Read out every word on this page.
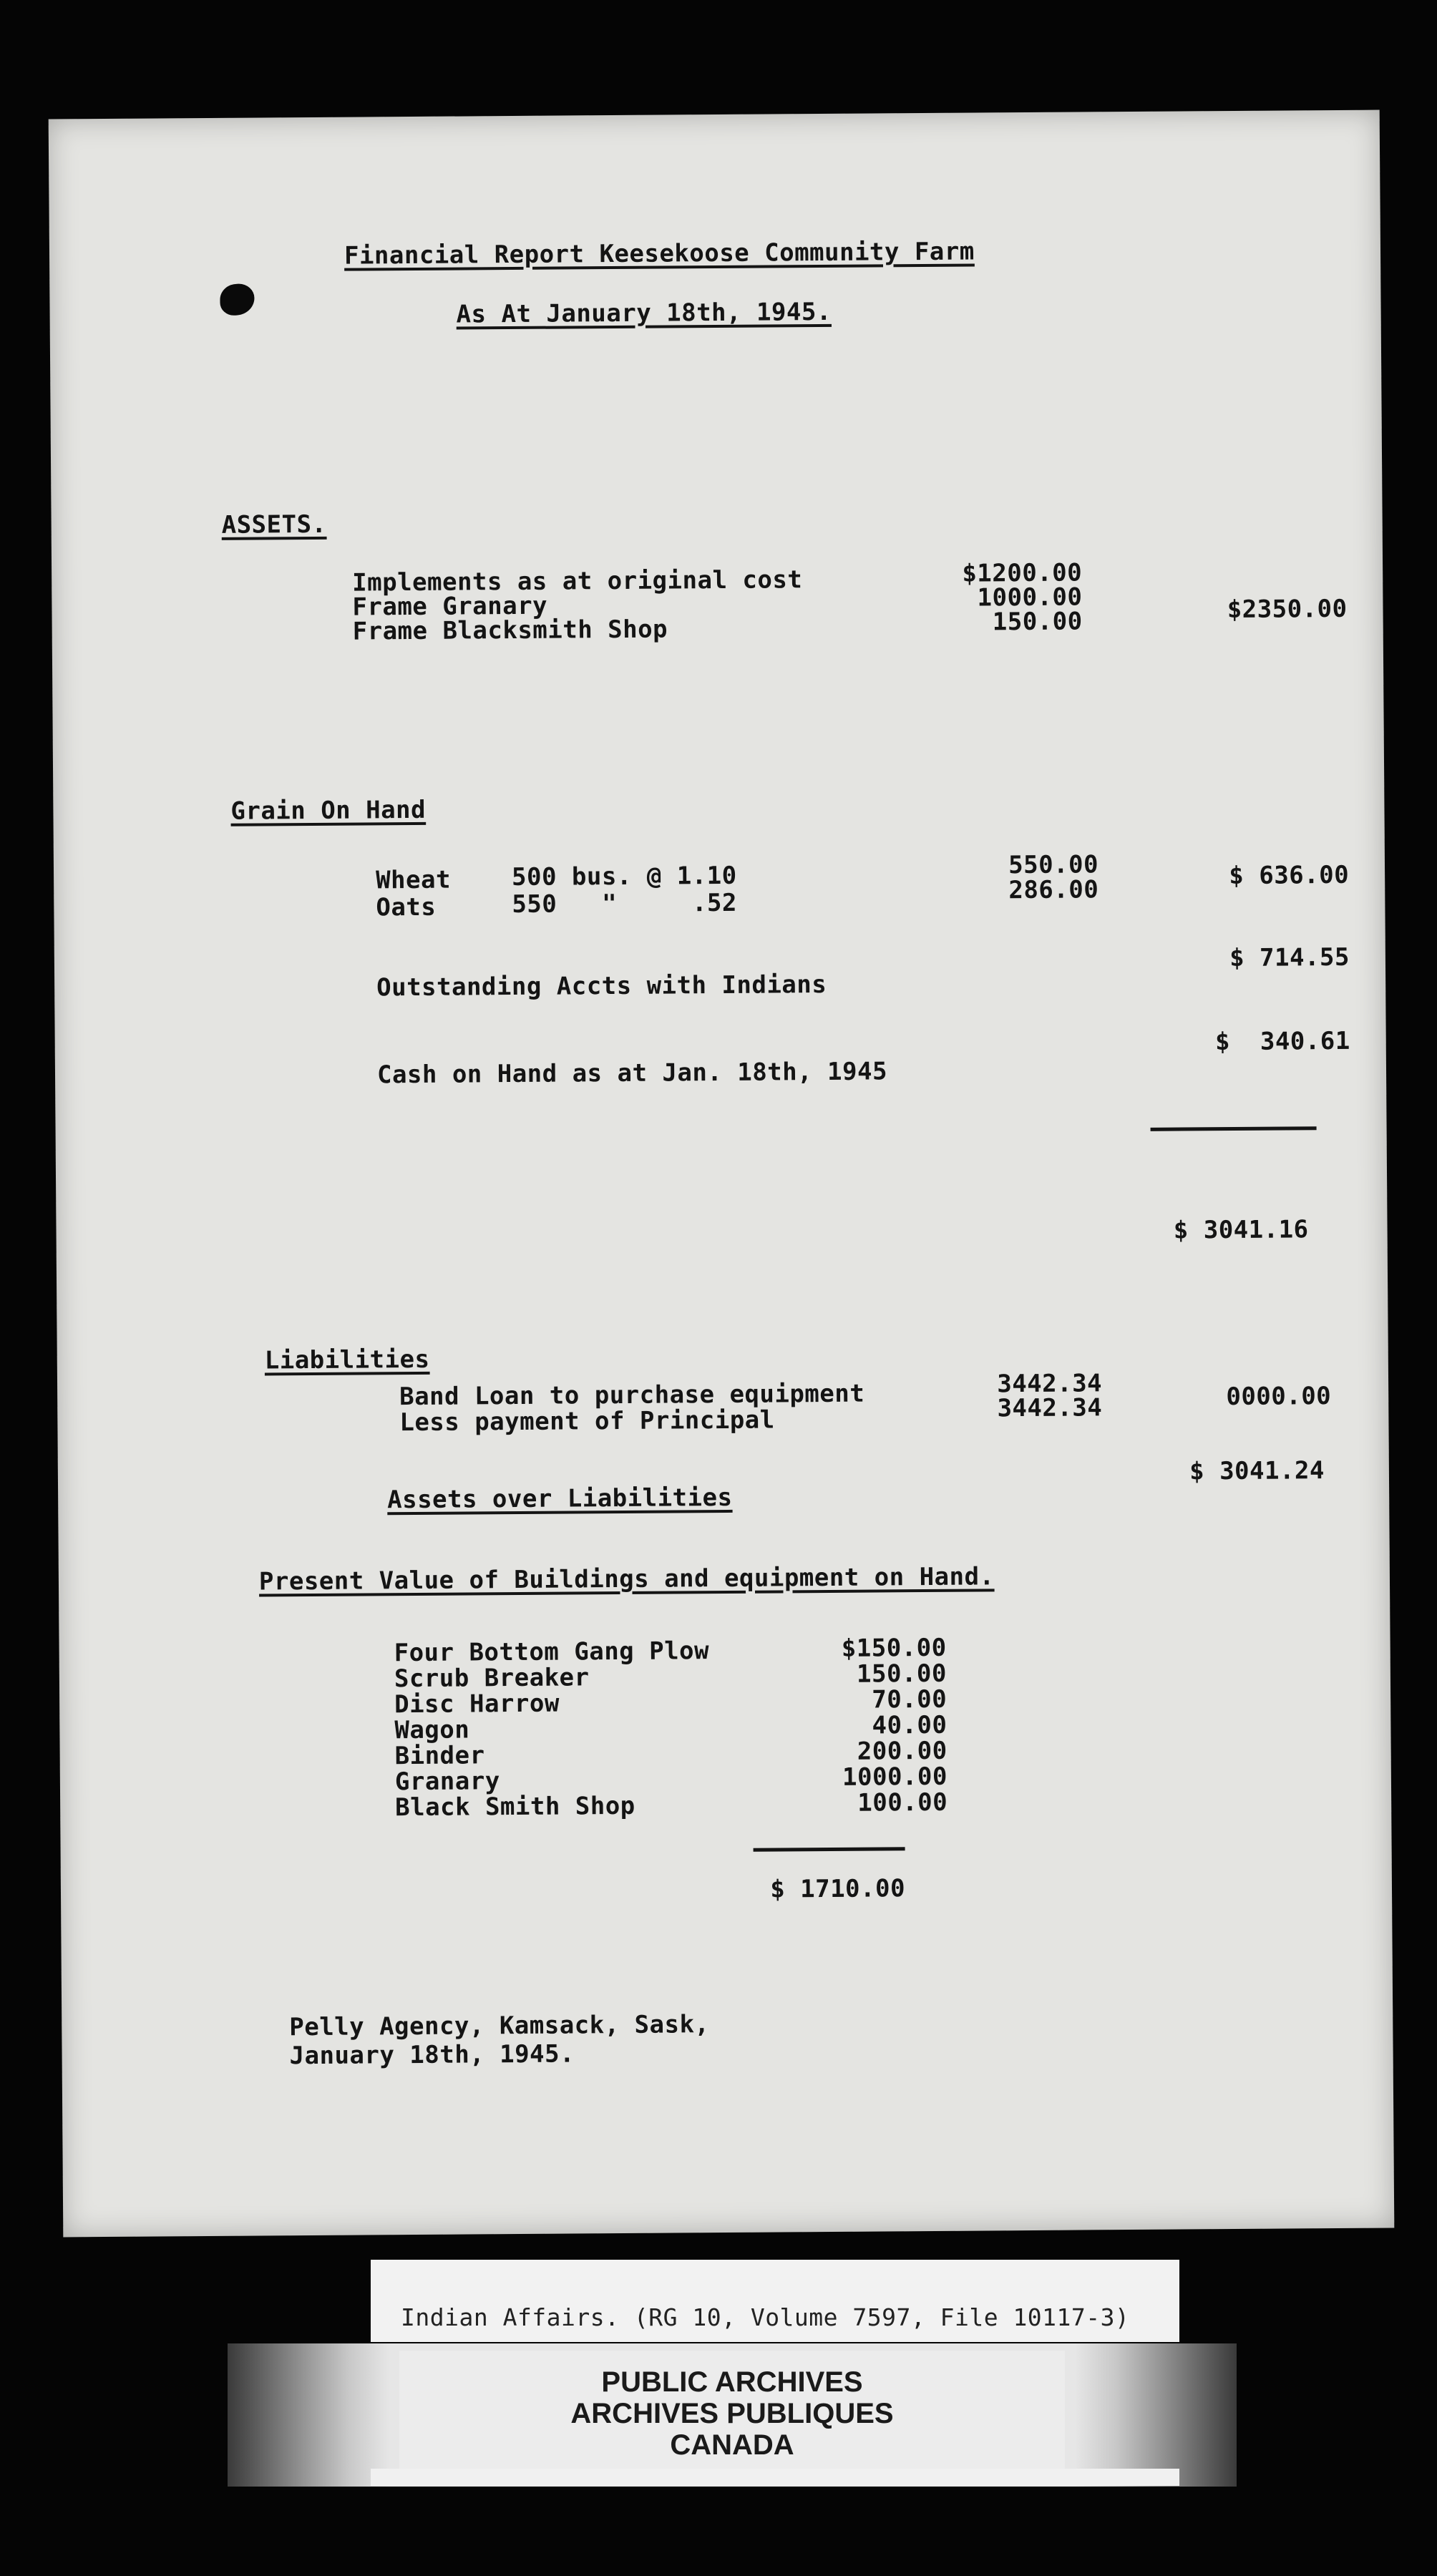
Financial Report Keesekoose Community Farm
As At January 18th, 1945.
ASSETS.
Implements as at original cost	$1200.00
Frame Granary	1000.00
Frame Blacksmith Shop	150.00	$2350.00
Grain On Hand
Wheat 500 bus. @ 1.10	550.00
Oats	550   "     .52	286.00	$ 636.00
Outstanding Accts with Indians
$ 714.55
Cash on Hand as at Jan. 18th, 1945
$  340.61
$ 3041.16
Liabilities
Band Loan to purchase equipment	3442.34
Less payment of Principal	3442.34	0000.00
Assets over Liabilities
$ 3041.24
Present Value of Buildings and equipment on Hand.
Four Bottom Gang Plow	$150.00
Scrub Breaker	150.00
Disc Harrow	70.00
Wagon	40.00
Binder	200.00
Granary	1000.00
Black Smith Shop	100.00
$ 1710.00
Pelly Agency, Kamsack, Sask,
January 18th, 1945.
Indian Affairs. (RG 10, Volume 7597, File 10117-3)
PUBLIC ARCHIVES
ARCHIVES PUBLIQUES
CANADA
